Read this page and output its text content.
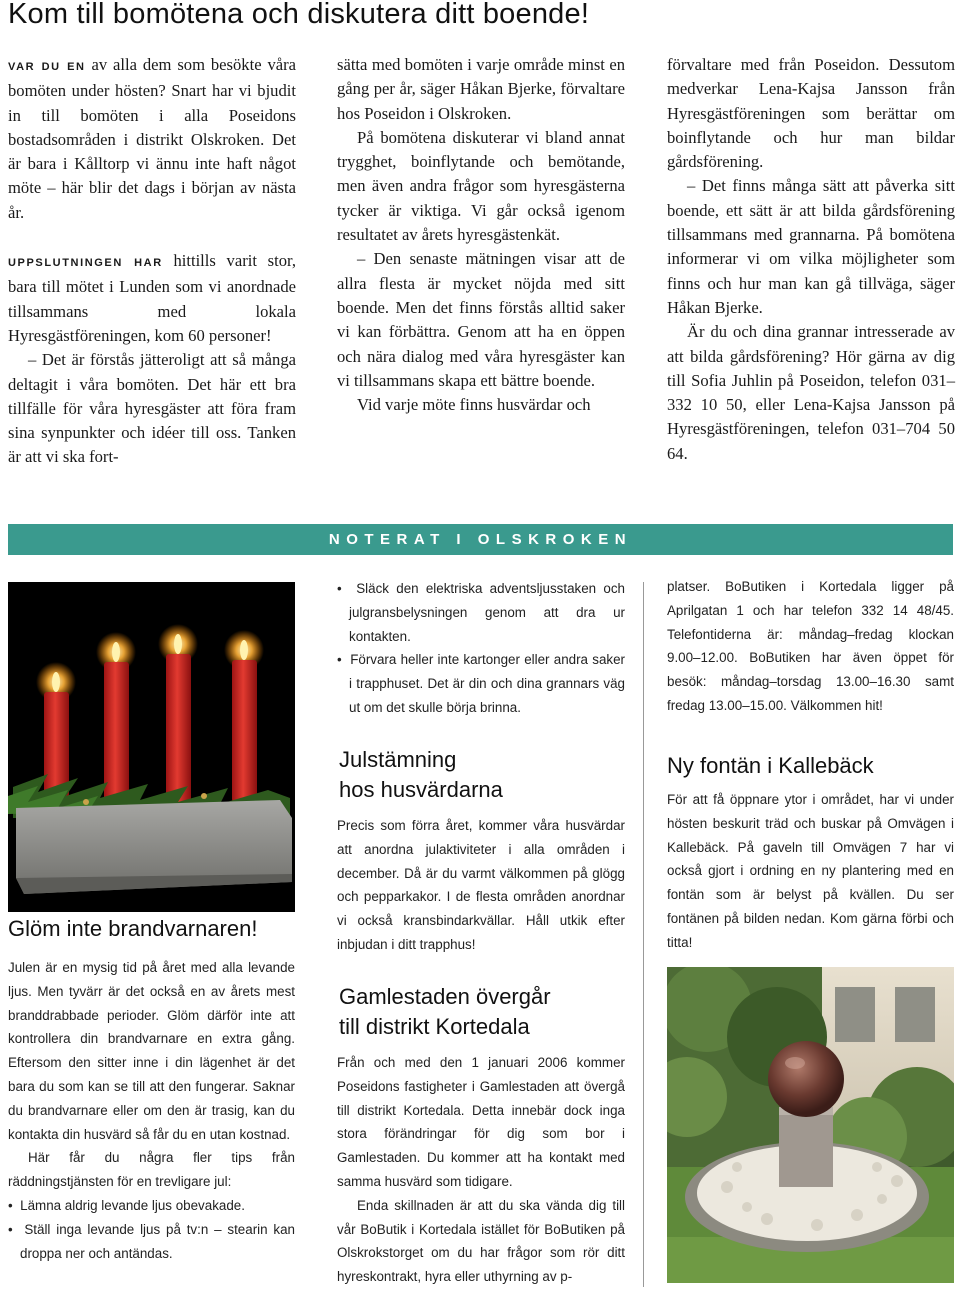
Kom till bomötena och diskutera ditt boende!

VAR DU EN av alla dem som besökte våra bomöten under hösten? Snart har vi bjudit in till bomöten i alla Poseidons bostadsområden i distrikt Olskroken. Det är bara i Kålltorp vi ännu inte haft något möte – här blir det dags i början av nästa år.

UPPSLUTNINGEN HAR hittills varit stor, bara till mötet i Lunden som vi anordnade tillsammans med lokala Hyresgästföreningen, kom 60 personer!

– Det är förstås jätteroligt att så många deltagit i våra bomöten. Det här ett bra tillfälle för våra hyresgäster att föra fram sina synpunkter och idéer till oss. Tanken är att vi ska fort-

sätta med bomöten i varje område minst en gång per år, säger Håkan Bjerke, förvaltare hos Poseidon i Olskroken.

På bomötena diskuterar vi bland annat trygghet, boinflytande och bemötande, men även andra frågor som hyresgästerna tycker är viktiga. Vi går också igenom resultatet av årets hyresgästenkät.

– Den senaste mätningen visar att de allra flesta är mycket nöjda med sitt boende. Men det finns förstås alltid saker vi kan förbättra. Genom att ha en öppen och nära dialog med våra hyresgäster kan vi tillsammans skapa ett bättre boende.

Vid varje möte finns husvärdar och

förvaltare med från Poseidon. Dessutom medverkar Lena-Kajsa Jansson från Hyresgästföreningen som berättar om boinflytande och hur man bildar gårdsförening.

– Det finns många sätt att påverka sitt boende, ett sätt är att bilda gårdsförening tillsammans med grannarna. På bomötena informerar vi om vilka möjligheter som finns och hur man kan gå tillväga, säger Håkan Bjerke.

Är du och dina grannar intresserade av att bilda gårdsförening? Hör gärna av dig till Sofia Juhlin på Poseidon, telefon 031–332 10 50, eller Lena-Kajsa Jansson på Hyresgästföreningen, telefon 031–704 50 64.

NOTERAT I OLSKROKEN
Glöm inte brandvarnaren!

Julen är en mysig tid på året med alla levande ljus. Men tyvärr är det också en av årets mest branddrabbade perioder. Glöm därför inte att kontrollera din brandvarnare en extra gång. Eftersom den sitter inne i din lägenhet är det bara du som kan se till att den fungerar. Saknar du brandvarnare eller om den är trasig, kan du kontakta din husvärd så får du en utan kostnad.

Här får du några fler tips från räddningstjänsten för en trevligare jul:

•  Lämna aldrig levande ljus obevakade.

•  Ställ inga levande ljus på tv:n – stearin kan droppa ner och antändas.

•  Släck den elektriska adventsljusstaken och julgransbelysningen genom att dra ur kontakten.

•  Förvara heller inte kartonger eller andra saker i trapphuset. Det är din och dina grannars väg ut om det skulle börja brinna.

Julstämning
hos husvärdarna

Precis som förra året, kommer våra husvärdar att anordna julaktiviteter i alla områden i december. Då är du varmt välkommen på glögg och pepparkakor. I de flesta områden anordnar vi också kransbindarkvällar. Håll utkik efter inbjudan i ditt trapphus!

Gamlestaden övergår
till distrikt Kortedala

Från och med den 1 januari 2006 kommer Poseidons fastigheter i Gamlestaden att övergå till distrikt Kortedala. Detta innebär dock inga stora förändringar för dig som bor i Gamlestaden. Du kommer att ha kontakt med samma husvärd som tidigare.

Enda skillnaden är att du ska vända dig till vår BoButik i Kortedala istället för BoButiken på Olskrokstorget om du har frågor som rör ditt hyreskontrakt, hyra eller uthyrning av p-

platser. BoButiken i Kortedala ligger på Aprilgatan 1 och har telefon 332 14 48/45. Telefontiderna är: måndag–fredag klockan 9.00–12.00. BoButiken har även öppet för besök: måndag–torsdag 13.00–16.30 samt fredag 13.00–15.00. Välkommen hit!

Ny fontän i Kallebäck

För att få öppnare ytor i området, har vi under hösten beskurit träd och buskar på Omvägen i Kallebäck. På gaveln till Omvägen 7 har vi också gjort i ordning en ny plantering med en fontän som är belyst på kvällen. Du ser fontänen på bilden nedan. Kom gärna förbi och titta!
